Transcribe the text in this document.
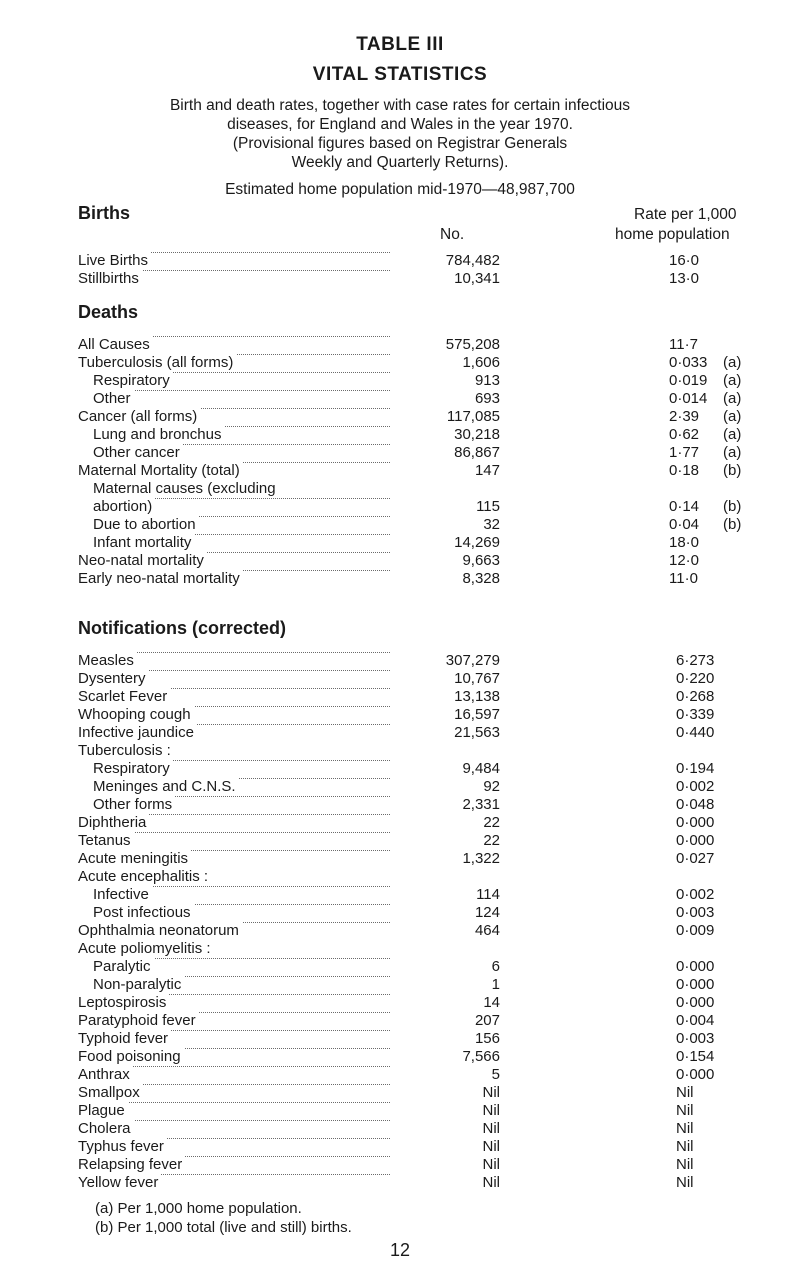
TABLE III
VITAL STATISTICS
Birth and death rates, together with case rates for certain infectious
diseases, for England and Wales in the year 1970.
(Provisional figures based on Registrar Generals
Weekly and Quarterly Returns).
Estimated home population mid-1970—48,987,700
Births	Rate per 1,000
No.	home population
Deaths
Notifications (corrected)
Live Births	784,482	16·0
Stillbirths	10,341	13·0
All Causes	575,208	11·7
Tuberculosis (all forms)	1,606	0·033 (a)
Respiratory	913	0·019 (a)
Other	693	0·014 (a)
Cancer (all forms)	117,085	2·39 (a)
Lung and bronchus	30,218	0·62 (a)
Other cancer	86,867	1·77 (a)
Maternal Mortality (total)	147	0·18 (b)
Maternal causes (excluding
abortion)	115	0·14 (b)
Due to abortion	32	0·04 (b)
Infant mortality	14,269	18·0
Neo-natal mortality	9,663	12·0
Early neo-natal mortality	8,328	11·0
Measles	307,279	6·273
Dysentery	10,767	0·220
Scarlet Fever	13,138	0·268
Whooping cough	16,597	0·339
Infective jaundice	21,563	0·440
Tuberculosis :
Respiratory	9,484	0·194
Meninges and C.N.S.	92	0·002
Other forms	2,331	0·048
Diphtheria	22	0·000
Tetanus	22	0·000
Acute meningitis	1,322	0·027
Acute encephalitis :
Infective	114	0·002
Post infectious	124	0·003
Ophthalmia neonatorum	464	0·009
Acute poliomyelitis :
Paralytic	6	0·000
Non-paralytic	1	0·000
Leptospirosis	14	0·000
Paratyphoid fever	207	0·004
Typhoid fever	156	0·003
Food poisoning	7,566	0·154
Anthrax	5	0·000
Smallpox	Nil	Nil
Plague	Nil	Nil
Cholera	Nil	Nil
Typhus fever	Nil	Nil
Relapsing fever	Nil	Nil
Yellow fever	Nil	Nil
(a) Per 1,000 home population.
(b) Per 1,000 total (live and still) births.
12
